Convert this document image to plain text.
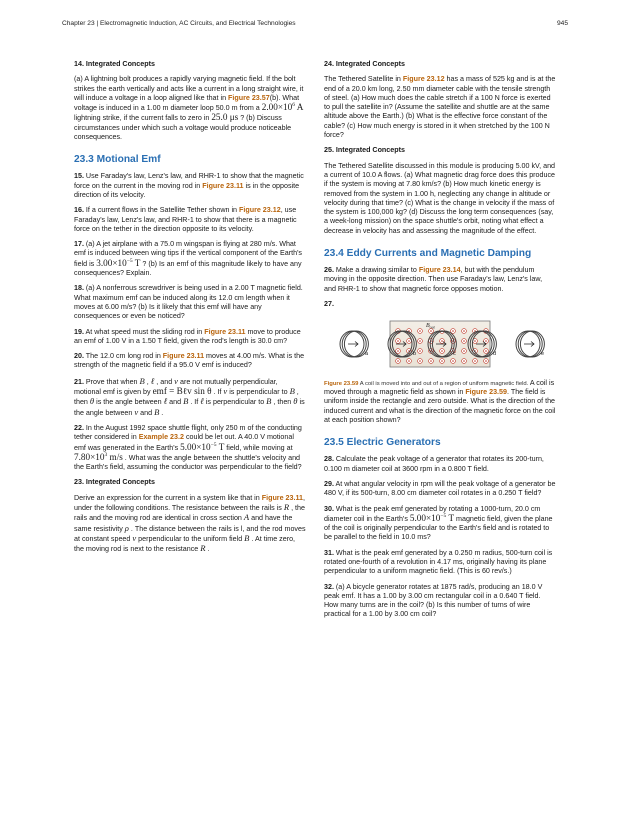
Chapter 23 | Electromagnetic Induction, AC Circuits, and Electrical Technologies	945

14. Integrated Concepts

(a) A lightning bolt produces a rapidly varying magnetic field. If the bolt strikes the earth vertically and acts like a current in a long straight wire, it will induce a voltage in a loop aligned like that in Figure 23.57(b). What voltage is induced in a 1.00 m diameter loop 50.0 m from a $2.00\times 10^6$ A lightning strike, if the current falls to zero in 25.0 μs ? (b) Discuss circumstances under which such a voltage would produce noticeable consequences.

23.3 Motional Emf

15. Use Faraday's law, Lenz's law, and RHR-1 to show that the magnetic force on the current in the moving rod in Figure 23.11 is in the opposite direction of its velocity.

16. If a current flows in the Satellite Tether shown in Figure 23.12, use Faraday's law, Lenz's law, and RHR-1 to show that there is a magnetic force on the tether in the direction opposite to its velocity.

17. (a) A jet airplane with a 75.0 m wingspan is flying at 280 m/s. What emf is induced between wing tips if the vertical component of the Earth's field is $3.00\times 10^{-5}$ T ? (b) Is an emf of this magnitude likely to have any consequences? Explain.

18. (a) A nonferrous screwdriver is being used in a 2.00 T magnetic field. What maximum emf can be induced along its 12.0 cm length when it moves at 6.00 m/s? (b) Is it likely that this emf will have any consequences or even be noticed?

19. At what speed must the sliding rod in Figure 23.11 move to produce an emf of 1.00 V in a 1.50 T field, given the rod's length is 30.0 cm?

20. The 12.0 cm long rod in Figure 23.11 moves at 4.00 m/s. What is the strength of the magnetic field if a 95.0 V emf is induced?

21. Prove that when B , ℓ , and v are not mutually perpendicular, motional emf is given by emf = Bℓv sin θ . If v is perpendicular to B , then θ is the angle between ℓ and B . If ℓ is perpendicular to B , then θ is the angle between v and B .

22. In the August 1992 space shuttle flight, only 250 m of the conducting tether considered in Example 23.2 could be let out. A 40.0 V motional emf was generated in the Earth's $5.00\times 10^{-5}$ T field, while moving at $7.80\times 10^3$ m/s . What was the angle between the shuttle's velocity and the Earth's field, assuming the conductor was perpendicular to the field?

23. Integrated Concepts

Derive an expression for the current in a system like that in Figure 23.11, under the following conditions. The resistance between the rails is R , the rails and the moving rod are identical in cross section A and have the same resistivity ρ . The distance between the rails is l, and the rod moves at constant speed v perpendicular to the uniform field B . At time zero, the moving rod is next to the resistance R .

24. Integrated Concepts

The Tethered Satellite in Figure 23.12 has a mass of 525 kg and is at the end of a 20.0 km long, 2.50 mm diameter cable with the tensile strength of steel. (a) How much does the cable stretch if a 100 N force is exerted to pull the satellite in? (Assume the satellite and shuttle are at the same altitude above the Earth.) (b) What is the effective force constant of the cable? (c) How much energy is stored in it when stretched by the 100 N force?

25. Integrated Concepts

The Tethered Satellite discussed in this module is producing 5.00 kV, and a current of 10.0 A flows. (a) What magnetic drag force does this produce if the system is moving at 7.80 km/s? (b) How much kinetic energy is removed from the system in 1.00 h, neglecting any change in altitude or velocity during that time? (c) What is the change in velocity if the mass of the system is 100,000 kg? (d) Discuss the long term consequences (say, a week-long mission) on the space shuttle's orbit, noting what effect a decrease in velocity has and assessing the magnitude of the effect.

23.4 Eddy Currents and Magnetic Damping

26. Make a drawing similar to Figure 23.14, but with the pendulum moving in the opposite direction. Then use Faraday's law, Lenz's law, and RHR-1 to show that magnetic force opposes motion.

27.

$B_{out}$
a	b	c	d	e
Figure 23.59 A coil is moved into and out of a region of uniform magnetic field. A coil is moved through a magnetic field as shown in Figure 23.59. The field is uniform inside the rectangle and zero outside. What is the direction of the induced current and what is the direction of the magnetic force on the coil at each position shown?
23.5 Electric Generators

28. Calculate the peak voltage of a generator that rotates its 200-turn, 0.100 m diameter coil at 3600 rpm in a 0.800 T field.

29. At what angular velocity in rpm will the peak voltage of a generator be 480 V, if its 500-turn, 8.00 cm diameter coil rotates in a 0.250 T field?

30. What is the peak emf generated by rotating a 1000-turn, 20.0 cm diameter coil in the Earth's $5.00\times 10^{-5}$ T magnetic field, given the plane of the coil is originally perpendicular to the Earth's field and is rotated to be parallel to the field in 10.0 ms?

31. What is the peak emf generated by a 0.250 m radius, 500-turn coil is rotated one-fourth of a revolution in 4.17 ms, originally having its plane perpendicular to a uniform magnetic field. (This is 60 rev/s.)

32. (a) A bicycle generator rotates at 1875 rad/s, producing an 18.0 V peak emf. It has a 1.00 by 3.00 cm rectangular coil in a 0.640 T field. How many turns are in the coil? (b) Is this number of turns of wire practical for a 1.00 by 3.00 cm coil?
